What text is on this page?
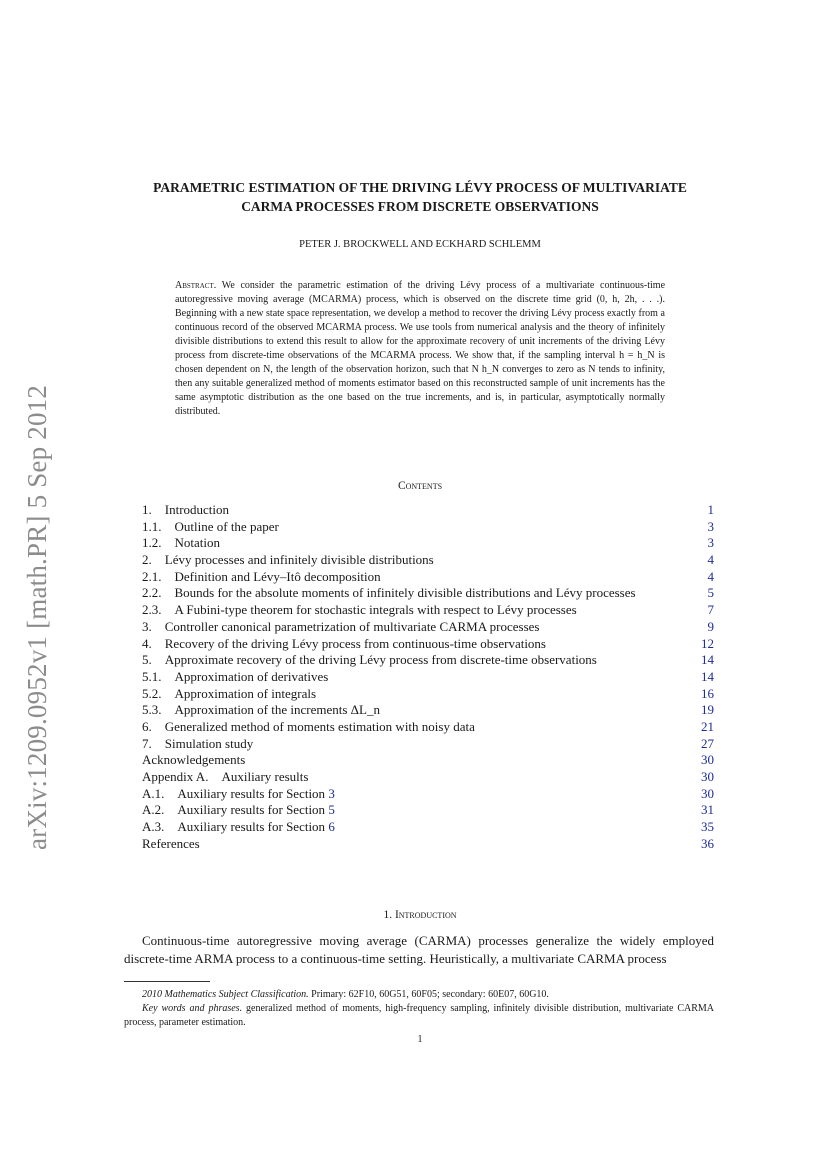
arXiv:1209.0952v1 [math.PR] 5 Sep 2012
PARAMETRIC ESTIMATION OF THE DRIVING LÉVY PROCESS OF MULTIVARIATE
CARMA PROCESSES FROM DISCRETE OBSERVATIONS
PETER J. BROCKWELL AND ECKHARD SCHLEMM
Abstract. We consider the parametric estimation of the driving Lévy process of a multivariate continuous-time autoregressive moving average (MCARMA) process, which is observed on the discrete time grid (0, h, 2h, . . .). Beginning with a new state space representation, we develop a method to recover the driving Lévy process exactly from a continuous record of the observed MCARMA process. We use tools from numerical analysis and the theory of infinitely divisible distributions to extend this result to allow for the approximate recovery of unit increments of the driving Lévy process from discrete-time observations of the MCARMA process. We show that, if the sampling interval h = h_N is chosen dependent on N, the length of the observation horizon, such that N h_N converges to zero as N tends to infinity, then any suitable generalized method of moments estimator based on this reconstructed sample of unit increments has the same asymptotic distribution as the one based on the true increments, and is, in particular, asymptotically normally distributed.
Contents
1.  Introduction	1
1.1.  Outline of the paper	3
1.2.  Notation	3
2.  Lévy processes and infinitely divisible distributions	4
2.1.  Definition and Lévy–Itô decomposition	4
2.2.  Bounds for the absolute moments of infinitely divisible distributions and Lévy processes	5
2.3.  A Fubini-type theorem for stochastic integrals with respect to Lévy processes	7
3.  Controller canonical parametrization of multivariate CARMA processes	9
4.  Recovery of the driving Lévy process from continuous-time observations	12
5.  Approximate recovery of the driving Lévy process from discrete-time observations	14
5.1.  Approximation of derivatives	14
5.2.  Approximation of integrals	16
5.3.  Approximation of the increments ΔL_n	19
6.  Generalized method of moments estimation with noisy data	21
7.  Simulation study	27
Acknowledgements	30
Appendix A.  Auxiliary results	30
A.1.  Auxiliary results for Section 3	30
A.2.  Auxiliary results for Section 5	31
A.3.  Auxiliary results for Section 6	35
References	36
1. Introduction
Continuous-time autoregressive moving average (CARMA) processes generalize the widely employed discrete-time ARMA process to a continuous-time setting. Heuristically, a multivariate CARMA process

2010 Mathematics Subject Classification. Primary: 62F10, 60G51, 60F05; secondary: 60E07, 60G10.

Key words and phrases. generalized method of moments, high-frequency sampling, infinitely divisible distribution, multivariate CARMA process, parameter estimation.

1
